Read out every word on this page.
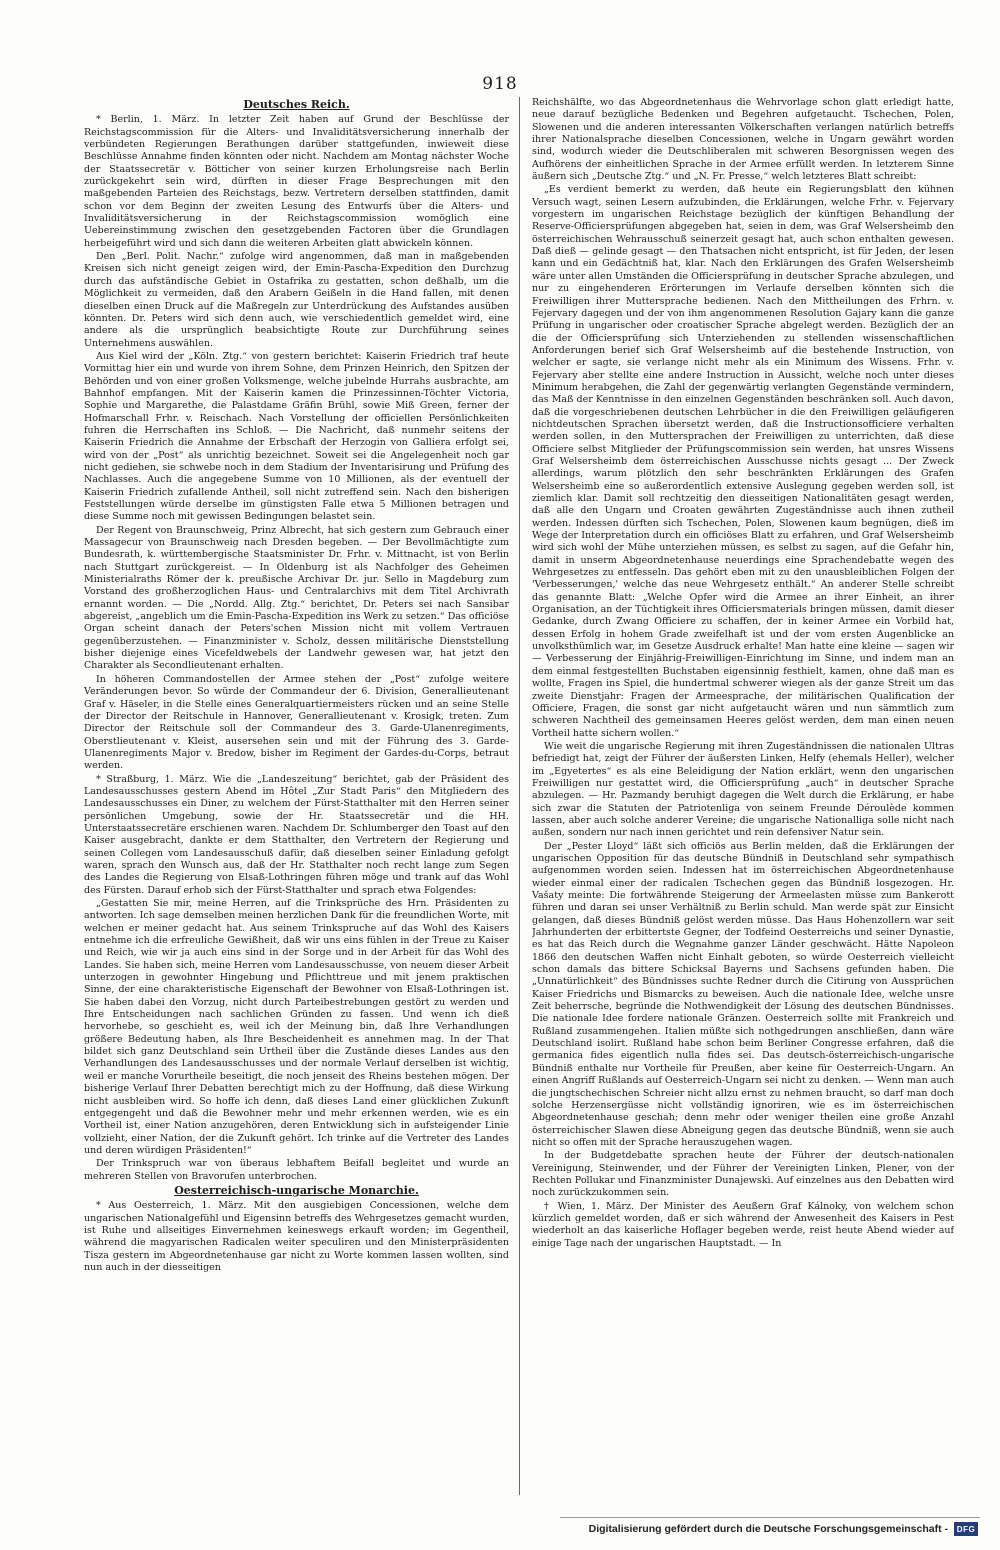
918
Deutsches Reich.

* Berlin, 1. März. In letzter Zeit haben auf Grund der Beschlüsse der Reichstagscommission für die Alters- und Invaliditätsversicherung innerhalb der verbündeten Regierungen Berathungen darüber stattgefunden, inwieweit diese Beschlüsse Annahme finden könnten oder nicht. Nachdem am Montag nächster Woche der Staatssecretär v. Bötticher von seiner kurzen Erholungsreise nach Berlin zurückgekehrt sein wird, dürften in dieser Frage Besprechungen mit den maßgebenden Parteien des Reichstags, bezw. Vertretern derselben stattfinden, damit schon vor dem Beginn der zweiten Lesung des Entwurfs über die Alters- und Invaliditätsversicherung in der Reichstagscommission womöglich eine Uebereinstimmung zwischen den gesetzgebenden Factoren über die Grundlagen herbeigeführt wird und sich dann die weiteren Arbeiten glatt abwickeln können.

Den „Berl. Polit. Nachr.“ zufolge wird angenommen, daß man in maßgebenden Kreisen sich nicht geneigt zeigen wird, der Emin-Pascha-Expedition den Durchzug durch das aufständische Gebiet in Ostafrika zu gestatten, schon deßhalb, um die Möglichkeit zu vermeiden, daß den Arabern Geißeln in die Hand fallen, mit denen dieselben einen Druck auf die Maßregeln zur Unterdrückung des Aufstandes ausüben könnten. Dr. Peters wird sich denn auch, wie verschiedentlich gemeldet wird, eine andere als die ursprünglich beabsichtigte Route zur Durchführung seines Unternehmens auswählen.

Aus Kiel wird der „Köln. Ztg.“ von gestern berichtet: Kaiserin Friedrich traf heute Vormittag hier ein und wurde von ihrem Sohne, dem Prinzen Heinrich, den Spitzen der Behörden und von einer großen Volksmenge, welche jubelnde Hurrahs ausbrachte, am Bahnhof empfangen. Mit der Kaiserin kamen die Prinzessinnen-Töchter Victoria, Sophie und Margarethe, die Palastdame Gräfin Brühl, sowie Miß Green, ferner der Hofmarschall Frhr. v. Reischach. Nach Vorstellung der officiellen Persönlichkeiten fuhren die Herrschaften ins Schloß. — Die Nachricht, daß nunmehr seitens der Kaiserin Friedrich die Annahme der Erbschaft der Herzogin von Galliera erfolgt sei, wird von der „Post“ als unrichtig bezeichnet. Soweit sei die Angelegenheit noch gar nicht gediehen, sie schwebe noch in dem Stadium der Inventarisirung und Prüfung des Nachlasses. Auch die angegebene Summe von 10 Millionen, als der eventuell der Kaiserin Friedrich zufallende Antheil, soll nicht zutreffend sein. Nach den bisherigen Feststellungen würde derselbe im günstigsten Falle etwa 5 Millionen betragen und diese Summe noch mit gewissen Bedingungen belastet sein.

Der Regent von Braunschweig, Prinz Albrecht, hat sich gestern zum Gebrauch einer Massagecur von Braunschweig nach Dresden begeben. — Der Bevollmächtigte zum Bundesrath, k. württembergische Staatsminister Dr. Frhr. v. Mittnacht, ist von Berlin nach Stuttgart zurückgereist. — In Oldenburg ist als Nachfolger des Geheimen Ministerialraths Römer der k. preußische Archivar Dr. jur. Sello in Magdeburg zum Vorstand des großherzoglichen Haus- und Centralarchivs mit dem Titel Archivrath ernannt worden. — Die „Nordd. Allg. Ztg.“ berichtet, Dr. Peters sei nach Sansibar abgereist, „angeblich um die Emin-Pascha-Expedition ins Werk zu setzen.“ Das officiöse Organ scheint danach der Peters'schen Mission nicht mit vollem Vertrauen gegenüberzustehen. — Finanzminister v. Scholz, dessen militärische Dienststellung bisher diejenige eines Vicefeldwebels der Landwehr gewesen war, hat jetzt den Charakter als Secondlieutenant erhalten.

In höheren Commandostellen der Armee stehen der „Post“ zufolge weitere Veränderungen bevor. So würde der Commandeur der 6. Division, Generallieutenant Graf v. Häseler, in die Stelle eines Generalquartiermeisters rücken und an seine Stelle der Director der Reitschule in Hannover, Generallieutenant v. Krosigk, treten. Zum Director der Reitschule soll der Commandeur des 3. Garde-Ulanenregiments, Oberstlieutenant v. Kleist, ausersehen sein und mit der Führung des 3. Garde-Ulanenregiments Major v. Bredow, bisher im Regiment der Gardes-du-Corps, betraut werden.

* Straßburg, 1. März. Wie die „Landeszeitung“ berichtet, gab der Präsident des Landesausschusses gestern Abend im Hôtel „Zur Stadt Paris“ den Mitgliedern des Landesausschusses ein Diner, zu welchem der Fürst-Statthalter mit den Herren seiner persönlichen Umgebung, sowie der Hr. Staatssecretär und die HH. Unterstaatssecretäre erschienen waren. Nachdem Dr. Schlumberger den Toast auf den Kaiser ausgebracht, dankte er dem Statthalter, den Vertretern der Regierung und seinen Collegen vom Landesausschuß dafür, daß dieselben seiner Einladung gefolgt waren, sprach den Wunsch aus, daß der Hr. Statthalter noch recht lange zum Segen des Landes die Regierung von Elsaß-Lothringen führen möge und trank auf das Wohl des Fürsten. Darauf erhob sich der Fürst-Statthalter und sprach etwa Folgendes:

„Gestatten Sie mir, meine Herren, auf die Trinksprüche des Hrn. Präsidenten zu antworten. Ich sage demselben meinen herzlichen Dank für die freundlichen Worte, mit welchen er meiner gedacht hat. Aus seinem Trinkspruche auf das Wohl des Kaisers entnehme ich die erfreuliche Gewißheit, daß wir uns eins fühlen in der Treue zu Kaiser und Reich, wie wir ja auch eins sind in der Sorge und in der Arbeit für das Wohl des Landes. Sie haben sich, meine Herren vom Landesausschusse, von neuem dieser Arbeit unterzogen in gewohnter Hingebung und Pflichttreue und mit jenem praktischen Sinne, der eine charakteristische Eigenschaft der Bewohner von Elsaß-Lothringen ist. Sie haben dabei den Vorzug, nicht durch Parteibestrebungen gestört zu werden und Ihre Entscheidungen nach sachlichen Gründen zu fassen. Und wenn ich dieß hervorhebe, so geschieht es, weil ich der Meinung bin, daß Ihre Verhandlungen größere Bedeutung haben, als Ihre Bescheidenheit es annehmen mag. In der That bildet sich ganz Deutschland sein Urtheil über die Zustände dieses Landes aus den Verhandlungen des Landesausschusses und der normale Verlauf derselben ist wichtig, weil er manche Vorurtheile beseitigt, die noch jenseit des Rheins bestehen mögen. Der bisherige Verlauf Ihrer Debatten berechtigt mich zu der Hoffnung, daß diese Wirkung nicht ausbleiben wird. So hoffe ich denn, daß dieses Land einer glücklichen Zukunft entgegengeht und daß die Bewohner mehr und mehr erkennen werden, wie es ein Vortheil ist, einer Nation anzugehören, deren Entwicklung sich in aufsteigender Linie vollzieht, einer Nation, der die Zukunft gehört. Ich trinke auf die Vertreter des Landes und deren würdigen Präsidenten!“

Der Trinkspruch war von überaus lebhaftem Beifall begleitet und wurde an mehreren Stellen von Bravorufen unterbrochen.

Oesterreichisch-ungarische Monarchie.

* Aus Oesterreich, 1. März. Mit den ausgiebigen Concessionen, welche dem ungarischen Nationalgefühl und Eigensinn betreffs des Wehrgesetzes gemacht wurden, ist Ruhe und allseitiges Einvernehmen keineswegs erkauft worden; im Gegentheil, während die magyarischen Radicalen weiter speculiren und den Ministerpräsidenten Tisza gestern im Abgeordnetenhause gar nicht zu Worte kommen lassen wollten, sind nun auch in der diesseitigen

Reichshälfte, wo das Abgeordnetenhaus die Wehrvorlage schon glatt erledigt hatte, neue darauf bezügliche Bedenken und Begehren aufgetaucht. Tschechen, Polen, Slowenen und die anderen interessanten Völkerschaften verlangen natürlich betreffs ihrer Nationalsprache dieselben Concessionen, welche in Ungarn gewährt worden sind, wodurch wieder die Deutschliberalen mit schweren Besorgnissen wegen des Aufhörens der einheitlichen Sprache in der Armee erfüllt werden. In letzterem Sinne äußern sich „Deutsche Ztg.“ und „N. Fr. Presse,“ welch letzteres Blatt schreibt:

„Es verdient bemerkt zu werden, daß heute ein Regierungsblatt den kühnen Versuch wagt, seinen Lesern aufzubinden, die Erklärungen, welche Frhr. v. Fejervary vorgestern im ungarischen Reichstage bezüglich der künftigen Behandlung der Reserve-Officiersprüfungen abgegeben hat, seien in dem, was Graf Welsersheimb den österreichischen Wehrausschuß seinerzeit gesagt hat, auch schon enthalten gewesen. Daß dieß — gelinde gesagt — den Thatsachen nicht entspricht, ist für Jeden, der lesen kann und ein Gedächtniß hat, klar. Nach den Erklärungen des Grafen Welsersheimb wäre unter allen Umständen die Officiersprüfung in deutscher Sprache abzulegen, und nur zu eingehenderen Erörterungen im Verlaufe derselben könnten sich die Freiwilligen ihrer Muttersprache bedienen. Nach den Mittheilungen des Frhrn. v. Fejervary dagegen und der von ihm angenommenen Resolution Gajary kann die ganze Prüfung in ungarischer oder croatischer Sprache abgelegt werden. Bezüglich der an die der Officiersprüfung sich Unterziehenden zu stellenden wissenschaftlichen Anforderungen berief sich Graf Welsersheimb auf die bestehende Instruction, von welcher er sagte, sie verlange nicht mehr als ein Minimum des Wissens. Frhr. v. Fejervary aber stellte eine andere Instruction in Aussicht, welche noch unter dieses Minimum herabgehen, die Zahl der gegenwärtig verlangten Gegenstände vermindern, das Maß der Kenntnisse in den einzelnen Gegenständen beschränken soll. Auch davon, daß die vorgeschriebenen deutschen Lehrbücher in die den Freiwilligen geläufigeren nichtdeutschen Sprachen übersetzt werden, daß die Instructionsofficiere verhalten werden sollen, in den Muttersprachen der Freiwilligen zu unterrichten, daß diese Officiere selbst Mitglieder der Prüfungscommission sein werden, hat unsres Wissens Graf Welsersheimb dem österreichischen Ausschusse nichts gesagt ... Der Zweck allerdings, warum plötzlich den sehr beschränkten Erklärungen des Grafen Welsersheimb eine so außerordentlich extensive Auslegung gegeben werden soll, ist ziemlich klar. Damit soll rechtzeitig den diesseitigen Nationalitäten gesagt werden, daß alle den Ungarn und Croaten gewährten Zugeständnisse auch ihnen zutheil werden. Indessen dürften sich Tschechen, Polen, Slowenen kaum begnügen, dieß im Wege der Interpretation durch ein officiöses Blatt zu erfahren, und Graf Welsersheimb wird sich wohl der Mühe unterziehen müssen, es selbst zu sagen, auf die Gefahr hin, damit in unserm Abgeordnetenhause neuerdings eine Sprachendebatte wegen des Wehrgesetzes zu entfesseln. Das gehört eben mit zu den unausbleiblichen Folgen der 'Verbesserungen,' welche das neue Wehrgesetz enthält.“ An anderer Stelle schreibt das genannte Blatt: „Welche Opfer wird die Armee an ihrer Einheit, an ihrer Organisation, an der Tüchtigkeit ihres Officiersmaterials bringen müssen, damit dieser Gedanke, durch Zwang Officiere zu schaffen, der in keiner Armee ein Vorbild hat, dessen Erfolg in hohem Grade zweifelhaft ist und der vom ersten Augenblicke an unvolksthümlich war, im Gesetze Ausdruck erhalte! Man hatte eine kleine — sagen wir — Verbesserung der Einjährig-Freiwilligen-Einrichtung im Sinne, und indem man an dem einmal festgestellten Buchstaben eigensinnig festhielt, kamen, ohne daß man es wollte, Fragen ins Spiel, die hundertmal schwerer wiegen als der ganze Streit um das zweite Dienstjahr: Fragen der Armeesprache, der militärischen Qualification der Officiere, Fragen, die sonst gar nicht aufgetaucht wären und nun sämmtlich zum schweren Nachtheil des gemeinsamen Heeres gelöst werden, dem man einen neuen Vortheil hatte sichern wollen.“

Wie weit die ungarische Regierung mit ihren Zugeständnissen die nationalen Ultras befriedigt hat, zeigt der Führer der äußersten Linken, Helfy (ehemals Heller), welcher im „Egyetertes“ es als eine Beleidigung der Nation erklärt, wenn den ungarischen Freiwilligen nur gestattet wird, die Officiersprüfung „auch“ in deutscher Sprache abzulegen. — Hr. Pazmandy beruhigt dagegen die Welt durch die Erklärung, er habe sich zwar die Statuten der Patriotenliga von seinem Freunde Déroulède kommen lassen, aber auch solche anderer Vereine; die ungarische Nationalliga solle nicht nach außen, sondern nur nach innen gerichtet und rein defensiver Natur sein.

Der „Pester Lloyd“ läßt sich officiös aus Berlin melden, daß die Erklärungen der ungarischen Opposition für das deutsche Bündniß in Deutschland sehr sympathisch aufgenommen worden seien. Indessen hat im österreichischen Abgeordnetenhause wieder einmal einer der radicalen Tschechen gegen das Bündniß losgezogen. Hr. Vašaty meinte: Die fortwährende Steigerung der Armeelasten müsse zum Bankerott führen und daran sei unser Verhältniß zu Berlin schuld. Man werde spät zur Einsicht gelangen, daß dieses Bündniß gelöst werden müsse. Das Haus Hohenzollern war seit Jahrhunderten der erbittertste Gegner, der Todfeind Oesterreichs und seiner Dynastie, es hat das Reich durch die Wegnahme ganzer Länder geschwächt. Hätte Napoleon 1866 den deutschen Waffen nicht Einhalt geboten, so würde Oesterreich vielleicht schon damals das bittere Schicksal Bayerns und Sachsens gefunden haben. Die „Unnatürlichkeit“ des Bündnisses suchte Redner durch die Citirung von Aussprüchen Kaiser Friedrichs und Bismarcks zu beweisen. Auch die nationale Idee, welche unsre Zeit beherrsche, begründe die Nothwendigkeit der Lösung des deutschen Bündnisses. Die nationale Idee fordere nationale Gränzen. Oesterreich sollte mit Frankreich und Rußland zusammengehen. Italien müßte sich nothgedrungen anschließen, dann wäre Deutschland isolirt. Rußland habe schon beim Berliner Congresse erfahren, daß die germanica fides eigentlich nulla fides sei. Das deutsch-österreichisch-ungarische Bündniß enthalte nur Vortheile für Preußen, aber keine für Oesterreich-Ungarn. An einen Angriff Rußlands auf Oesterreich-Ungarn sei nicht zu denken. — Wenn man auch die jungtschechischen Schreier nicht allzu ernst zu nehmen braucht, so darf man doch solche Herzensergüsse nicht vollständig ignoriren, wie es im österreichischen Abgeordnetenhause geschah; denn mehr oder weniger theilen eine große Anzahl österreichischer Slawen diese Abneigung gegen das deutsche Bündniß, wenn sie auch nicht so offen mit der Sprache herauszugehen wagen.

In der Budgetdebatte sprachen heute der Führer der deutsch-nationalen Vereinigung, Steinwender, und der Führer der Vereinigten Linken, Plener, von der Rechten Pollukar und Finanzminister Dunajewski. Auf einzelnes aus den Debatten wird noch zurückzukommen sein.

† Wien, 1. März. Der Minister des Aeußern Graf Kálnoky, von welchem schon kürzlich gemeldet worden, daß er sich während der Anwesenheit des Kaisers in Pest wiederholt an das kaiserliche Hoflager begeben werde, reist heute Abend wieder auf einige Tage nach der ungarischen Hauptstadt. — In

Digitalisierung gefördert durch die Deutsche Forschungsgemeinschaft -	DFG
